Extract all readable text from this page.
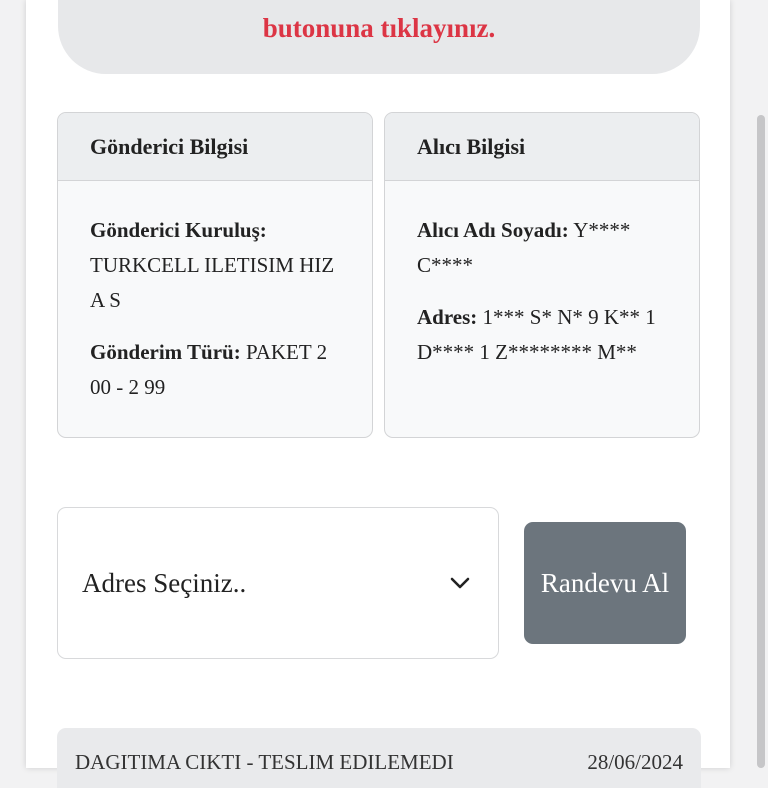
butonuna tıklayınız.
Gönderici Bilgisi

Gönderici Kuruluş: TURKCELL ILETISIM HIZ A S

Gönderim Türü: PAKET 2 00 - 2 99

Alıcı Bilgisi

Alıcı Adı Soyadı: Y**** C****

Adres: 1*** S* N* 9 K** 1 D**** 1 Z******** M**

Adres Seçiniz..	Randevu Al
DAGITIMA CIKTI - TESLIM EDILEMEDI	28/06/2024
